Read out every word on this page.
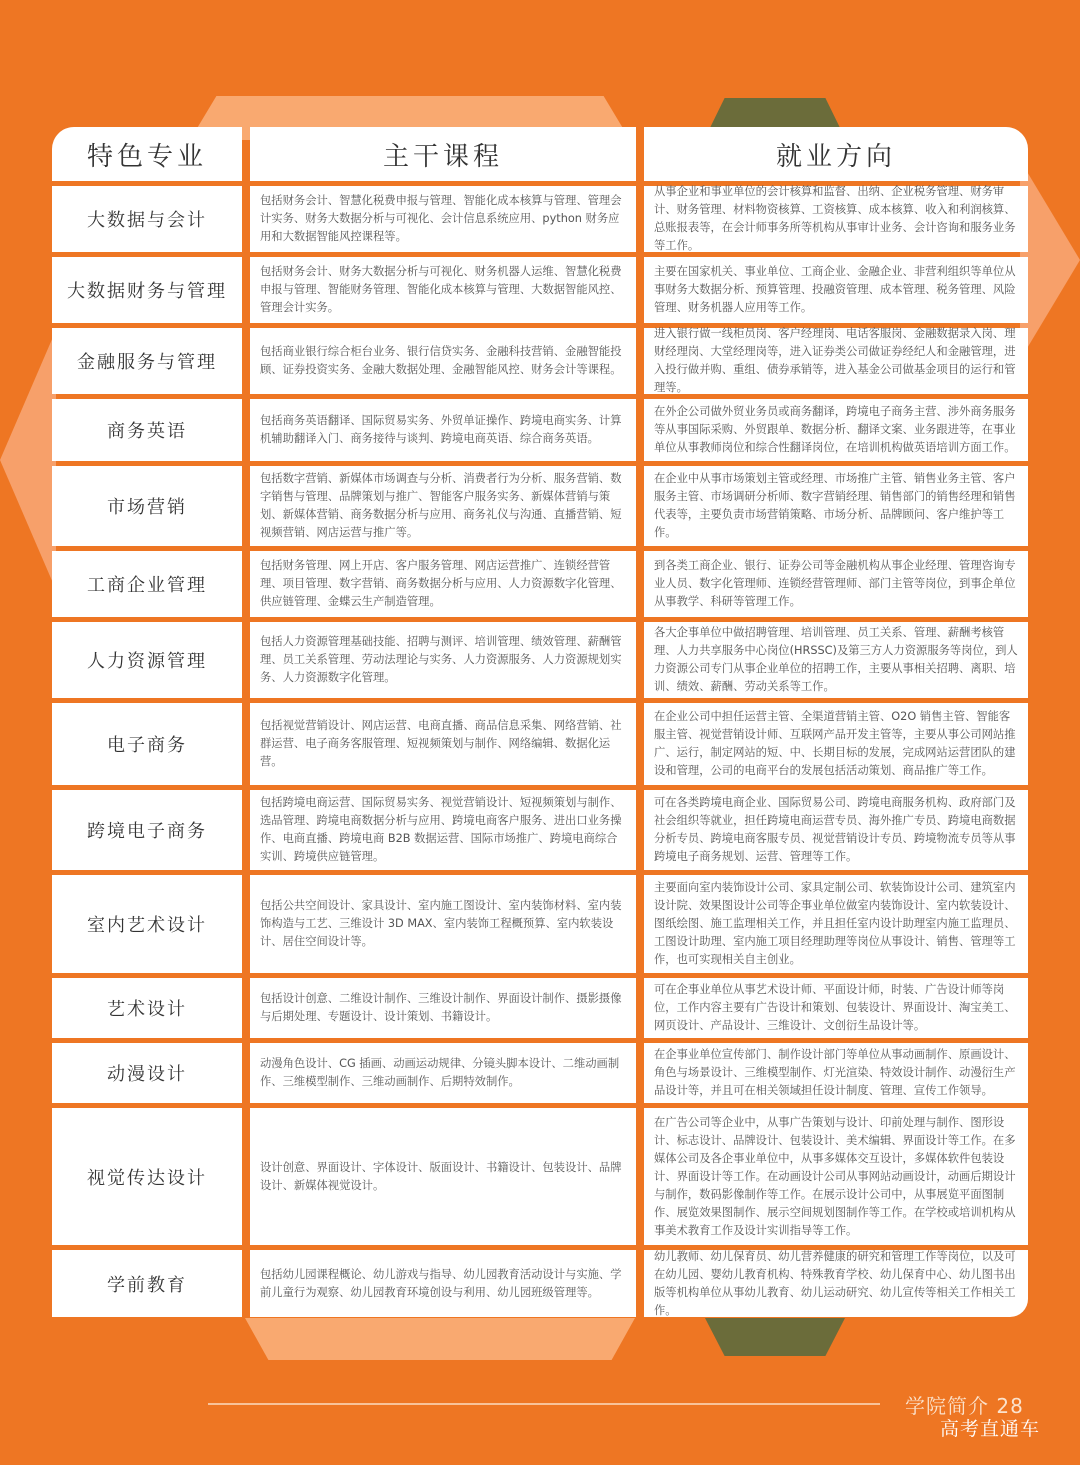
特色专业	主干课程	就业方向
大数据与会计
包括财务会计、智慧化税费申报与管理、智能化成本核算与管理、管理会计实务、财务大数据分析与可视化、会计信息系统应用、python 财务应用和大数据智能风控课程等。
从事企业和事业单位的会计核算和监督、出纳、企业税务管理、财务审计、财务管理、材料物资核算、工资核算、成本核算、收入和利润核算、总账报表等，在会计师事务所等机构从事审计业务、会计咨询和服务业务等工作。
大数据财务与管理
包括财务会计、财务大数据分析与可视化、财务机器人运维、智慧化税费申报与管理、智能财务管理、智能化成本核算与管理、大数据智能风控、管理会计实务。
主要在国家机关、事业单位、工商企业、金融企业、非营利组织等单位从事财务大数据分析、预算管理、投融资管理、成本管理、税务管理、风险管理、财务机器人应用等工作。
金融服务与管理
包括商业银行综合柜台业务、银行信贷实务、金融科技营销、金融智能投顾、证券投资实务、金融大数据处理、金融智能风控、财务会计等课程。
进入银行做一线柜员岗、客户经理岗、电话客服岗、金融数据录入岗、理财经理岗、大堂经理岗等，进入证券类公司做证券经纪人和金融管理，进入投行做并购、重组、债券承销等，进入基金公司做基金项目的运行和管理等。
商务英语
包括商务英语翻译、国际贸易实务、外贸单证操作、跨境电商实务、计算机辅助翻译入门、商务接待与谈判、跨境电商英语、综合商务英语。
在外企公司做外贸业务员或商务翻译，跨境电子商务主营、涉外商务服务等从事国际采购、外贸跟单、数据分析、翻译文案、业务跟进等，在事业单位从事教师岗位和综合性翻译岗位，在培训机构做英语培训方面工作。
市场营销
包括数字营销、新媒体市场调查与分析、消费者行为分析、服务营销、数字销售与管理、品牌策划与推广、智能客户服务实务、新媒体营销与策划、新媒体营销、商务数据分析与应用、商务礼仪与沟通、直播营销、短视频营销、网店运营与推广等。
在企业中从事市场策划主管或经理、市场推广主管、销售业务主管、客户服务主管、市场调研分析师、数字营销经理、销售部门的销售经理和销售代表等，主要负责市场营销策略、市场分析、品牌顾问、客户维护等工作。
工商企业管理
包括财务管理、网上开店、客户服务管理、网店运营推广、连锁经营管理、项目管理、数字营销、商务数据分析与应用、人力资源数字化管理、供应链管理、金蝶云生产制造管理。
到各类工商企业、银行、证券公司等金融机构从事企业经理、管理咨询专业人员、数字化管理师、连锁经营管理师、部门主管等岗位，到事企单位从事教学、科研等管理工作。
人力资源管理
包括人力资源管理基础技能、招聘与测评、培训管理、绩效管理、薪酬管理、员工关系管理、劳动法理论与实务、人力资源服务、人力资源规划实务、人力资源数字化管理。
各大企事单位中做招聘管理、培训管理、员工关系、管理、薪酬考核管理、人力共享服务中心岗位(HRSSC)及第三方人力资源服务等岗位，到人力资源公司专门从事企业单位的招聘工作，主要从事相关招聘、离职、培训、绩效、薪酬、劳动关系等工作。
电子商务
包括视觉营销设计、网店运营、电商直播、商品信息采集、网络营销、社群运营、电子商务客服管理、短视频策划与制作、网络编辑、数据化运营。
在企业公司中担任运营主管、全渠道营销主管、O2O 销售主管、智能客服主管、视觉营销设计师、互联网产品开发主管等，主要从事公司网站推广、运行，制定网站的短、中、长期目标的发展，完成网站运营团队的建设和管理，公司的电商平台的发展包括活动策划、商品推广等工作。
跨境电子商务
包括跨境电商运营、国际贸易实务、视觉营销设计、短视频策划与制作、选品管理、跨境电商数据分析与应用、跨境电商客户服务、进出口业务操作、电商直播、跨境电商 B2B 数据运营、国际市场推广、跨境电商综合实训、跨境供应链管理。
可在各类跨境电商企业、国际贸易公司、跨境电商服务机构、政府部门及社会组织等就业，担任跨境电商运营专员、海外推广专员、跨境电商数据分析专员、跨境电商客服专员、视觉营销设计专员、跨境物流专员等从事跨境电子商务规划、运营、管理等工作。
室内艺术设计
包括公共空间设计、家具设计、室内施工图设计、室内装饰材料、室内装饰构造与工艺、三维设计 3D MAX、室内装饰工程概预算、室内软装设计、居住空间设计等。
主要面向室内装饰设计公司、家具定制公司、软装饰设计公司、建筑室内设计院、效果图设计公司等企事业单位做室内装饰设计、室内软装设计、图纸绘图、施工监理相关工作，并且担任室内设计助理室内施工监理员、工图设计助理、室内施工项目经理助理等岗位从事设计、销售、管理等工作，也可实现相关自主创业。
艺术设计
包括设计创意、二维设计制作、三维设计制作、界面设计制作、摄影摄像与后期处理、专题设计、设计策划、书籍设计。
可在企事业单位从事艺术设计师、平面设计师，时装、广告设计师等岗位，工作内容主要有广告设计和策划、包装设计、界面设计、淘宝美工、网页设计、产品设计、三维设计、文创衍生品设计等。
动漫设计
动漫角色设计、CG 插画、动画运动规律、分镜头脚本设计、二维动画制作、三维模型制作、三维动画制作、后期特效制作。
在企事业单位宣传部门、制作设计部门等单位从事动画制作、原画设计、角色与场景设计、三维模型制作、灯光渲染、特效设计制作、动漫衍生产品设计等，并且可在相关领域担任设计制度、管理、宣传工作领导。
视觉传达设计
设计创意、界面设计、字体设计、版面设计、书籍设计、包装设计、品牌设计、新媒体视觉设计。
在广告公司等企业中，从事广告策划与设计、印前处理与制作、图形设计、标志设计、品牌设计、包装设计、美术编辑、界面设计等工作。在多媒体公司及各企事业单位中，从事多媒体交互设计，多媒体软件包装设计、界面设计等工作。在动画设计公司从事网站动画设计，动画后期设计与制作，数码影像制作等工作。在展示设计公司中，从事展览平面图制作、展览效果图制作、展示空间规划图制作等工作。在学校或培训机构从事美术教育工作及设计实训指导等工作。
学前教育
包括幼儿园课程概论、幼儿游戏与指导、幼儿园教育活动设计与实施、学前儿童行为观察、幼儿园教育环境创设与利用、幼儿园班级管理等。
幼儿教师、幼儿保育员、幼儿营养健康的研究和管理工作等岗位，以及可在幼儿园、婴幼儿教育机构、特殊教育学校、幼儿保育中心、幼儿图书出版等机构单位从事幼儿教育、幼儿运动研究、幼儿宣传等相关工作相关工作。
学院简介 28
高考直通车
